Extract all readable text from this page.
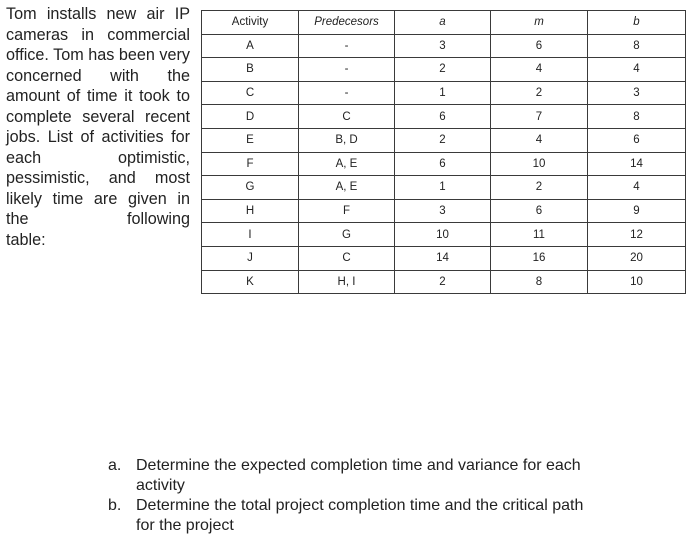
Tom installs new air IP cameras in commercial office. Tom has been very concerned with the amount of time it took to complete several recent jobs. List of activities for each optimistic, pessimistic, and most likely time are given in the following
table:

Activity	Predecesors	a	m	b
A	-	3	6	8
B	-	2	4	4
C	-	1	2	3
D	C	6	7	8
E	B, D	2	4	6
F	A, E	6	10	14
G	A, E	1	2	4
H	F	3	6	9
I	G	10	11	12
J	C	14	16	20
K	H, I	2	8	10
a. Determine the expected completion time and variance for each activity
b. Determine the total project completion time and the critical path for the project
